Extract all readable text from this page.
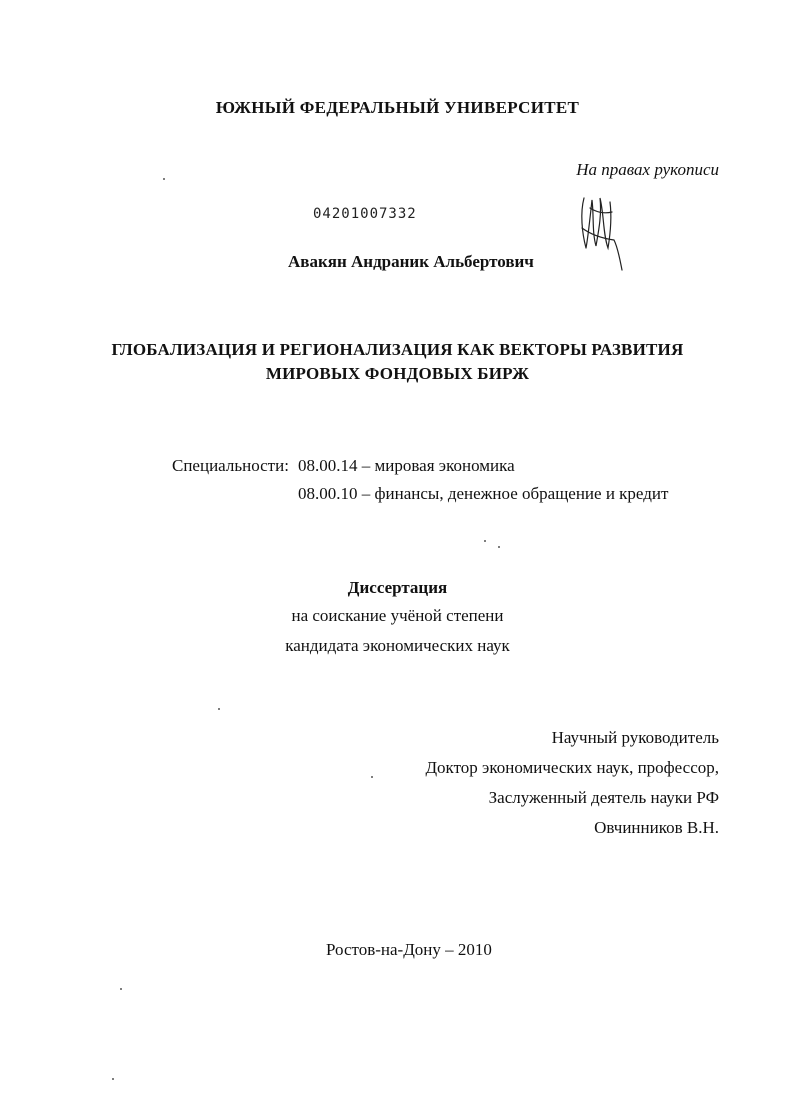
ЮЖНЫЙ ФЕДЕРАЛЬНЫЙ УНИВЕРСИТЕТ
На правах рукописи
04201007332
Авакян Андраник Альбертович
ГЛОБАЛИЗАЦИЯ И РЕГИОНАЛИЗАЦИЯ КАК ВЕКТОРЫ РАЗВИТИЯ
МИРОВЫХ ФОНДОВЫХ БИРЖ
Специальности: 08.00.14 – мировая экономика
08.00.10 – финансы, денежное обращение и кредит
Диссертация
на соискание учёной степени
кандидата экономических наук
Научный руководитель
Доктор экономических наук, профессор,
Заслуженный деятель науки РФ
Овчинников В.Н.
Ростов-на-Дону – 2010
